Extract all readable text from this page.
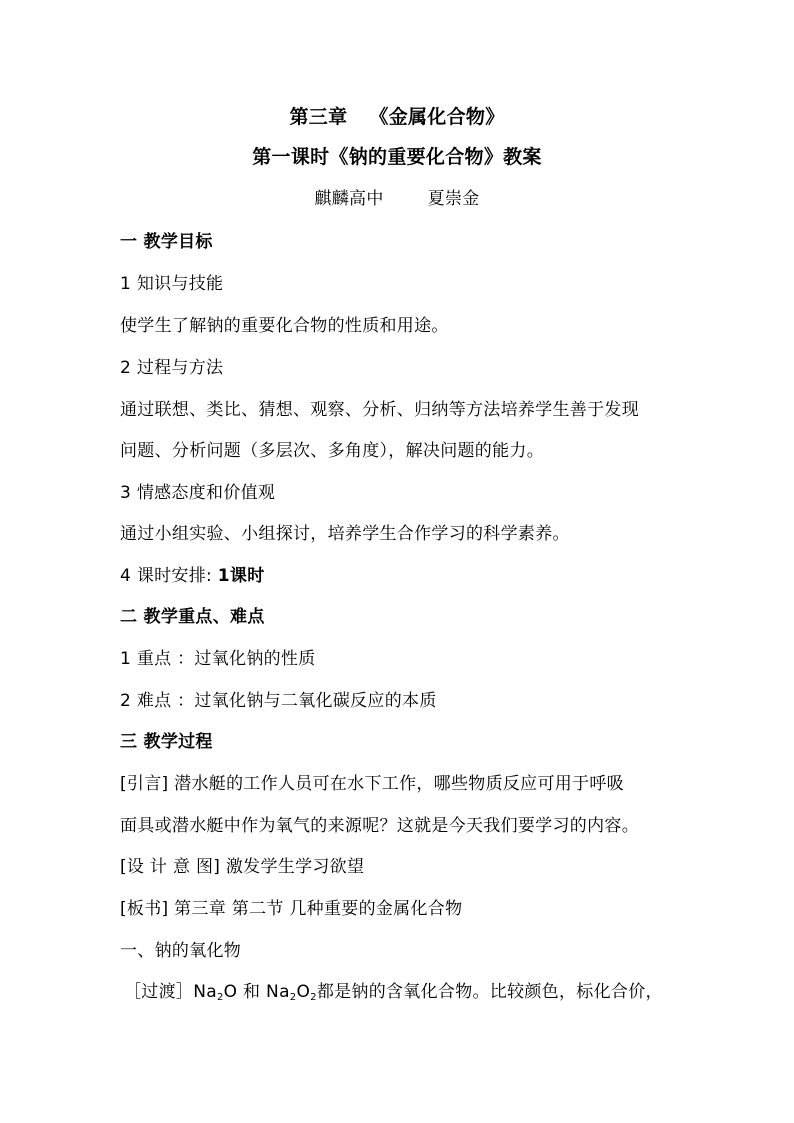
第三章 《金属化合物》
第一课时《钠的重要化合物》教案
麒麟高中	夏崇金
一 教学目标
1 知识与技能
使学生了解钠的重要化合物的性质和用途。
2 过程与方法
通过联想、类比、猜想、观察、分析、归纳等方法培养学生善于发现
问题、分析问题（多层次、多角度），解决问题的能力。
3 情感态度和价值观
通过小组实验、小组探讨，培养学生合作学习的科学素养。
4 课时安排: 1课时
二 教学重点、难点
1 重点 ：过氧化钠的性质
2 难点 ：过氧化钠与二氧化碳反应的本质
三 教学过程
[引言] 潜水艇的工作人员可在水下工作，哪些物质反应可用于呼吸
面具或潜水艇中作为氧气的来源呢？这就是今天我们要学习的内容。
[设 计 意 图] 激发学生学习欲望
[板书] 第三章 第二节 几种重要的金属化合物
一、钠的氧化物
［过渡$]Na_2O$ 和 $Na_2O_2$都是钠的含氧化合物。比较颜色，标化合价，
